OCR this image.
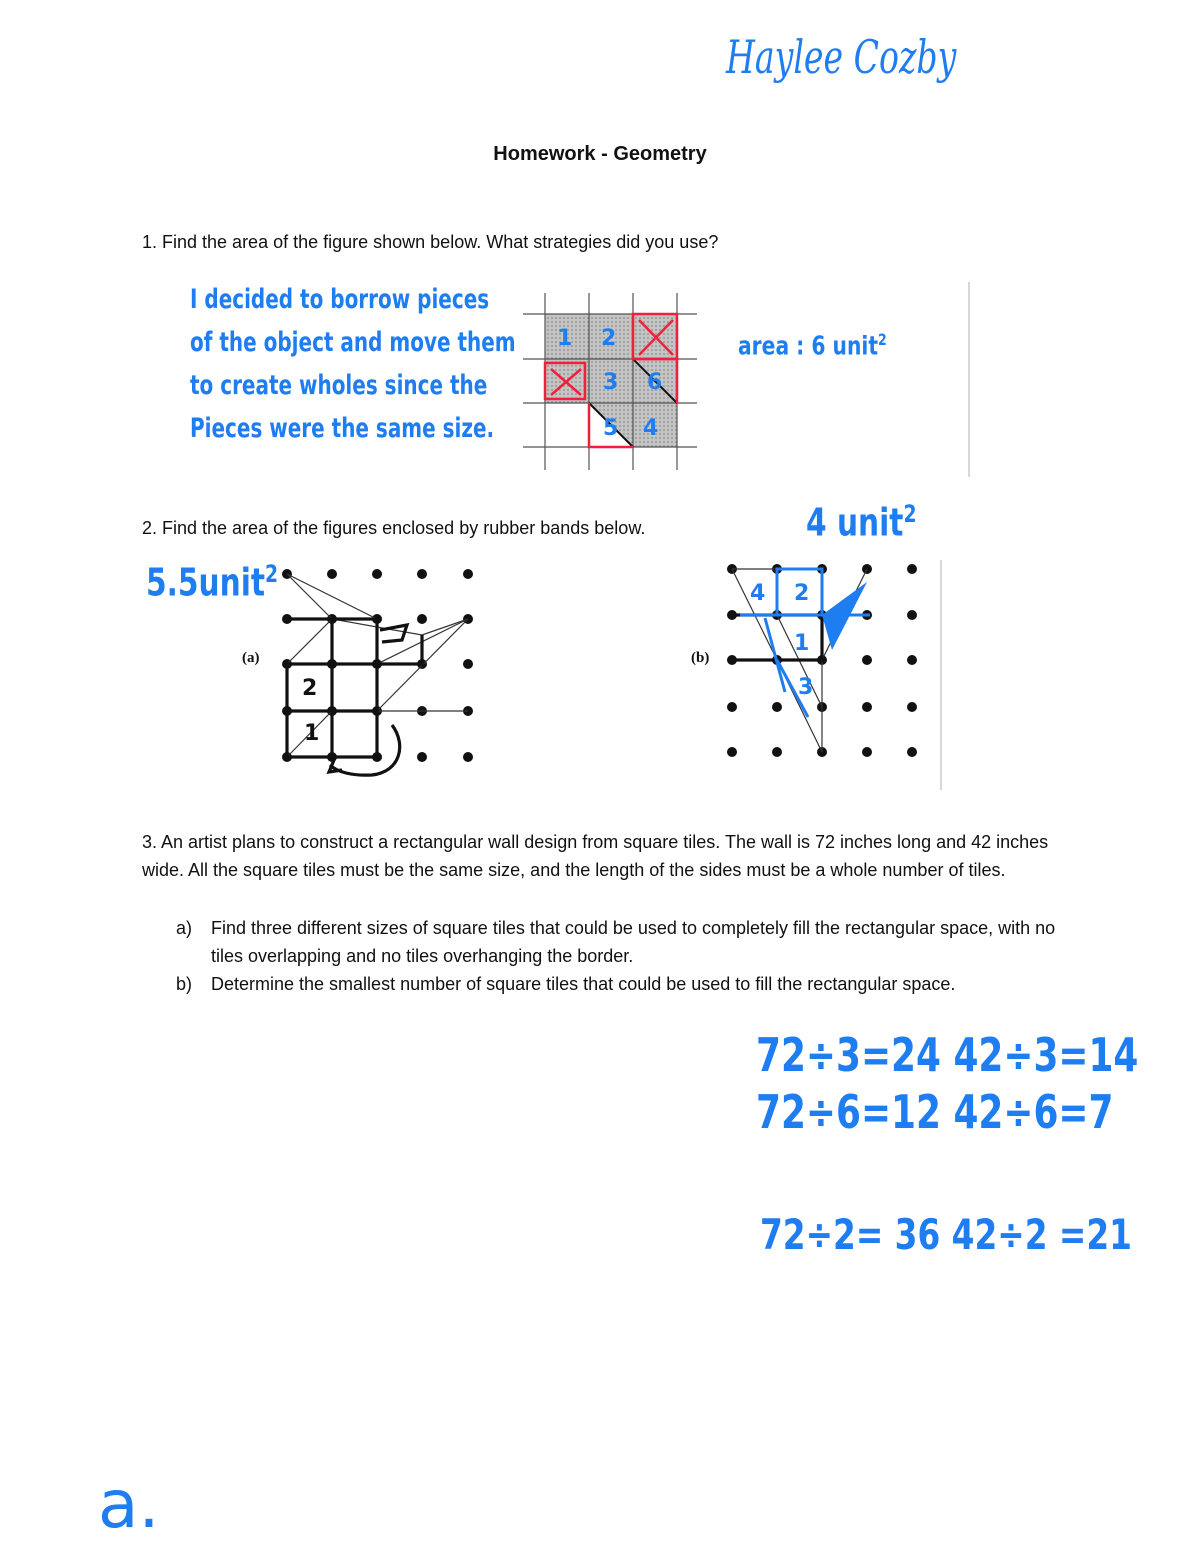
Haylee Cozby
Homework - Geometry
1. Find the area of the figure shown below. What strategies did you use?
I decided to borrow pieces
of the object and move them
to create wholes since the
Pieces were the same size.
1 2
3
4
5
6
area : 6 unit$^2$
2. Find the area of the figures enclosed by rubber bands below.
5.5unit$^2$
4 unit$^2$
2
1
(a)
4 2
1
3
(b)
3. An artist plans to construct a rectangular wall design from square tiles. The wall is 72 inches long and 42 inches wide. All the square tiles must be the same size, and the length of the sides must be a whole number of tiles.
a) Find three different sizes of square tiles that could be used to completely fill the rectangular space, with no tiles overlapping and no tiles overhanging the border.
b) Determine the smallest number of square tiles that could be used to fill the rectangular space.
72÷3=24 42÷3=14
72÷6=12 42÷6=7
72÷2= 36 42÷2 =21
a.
